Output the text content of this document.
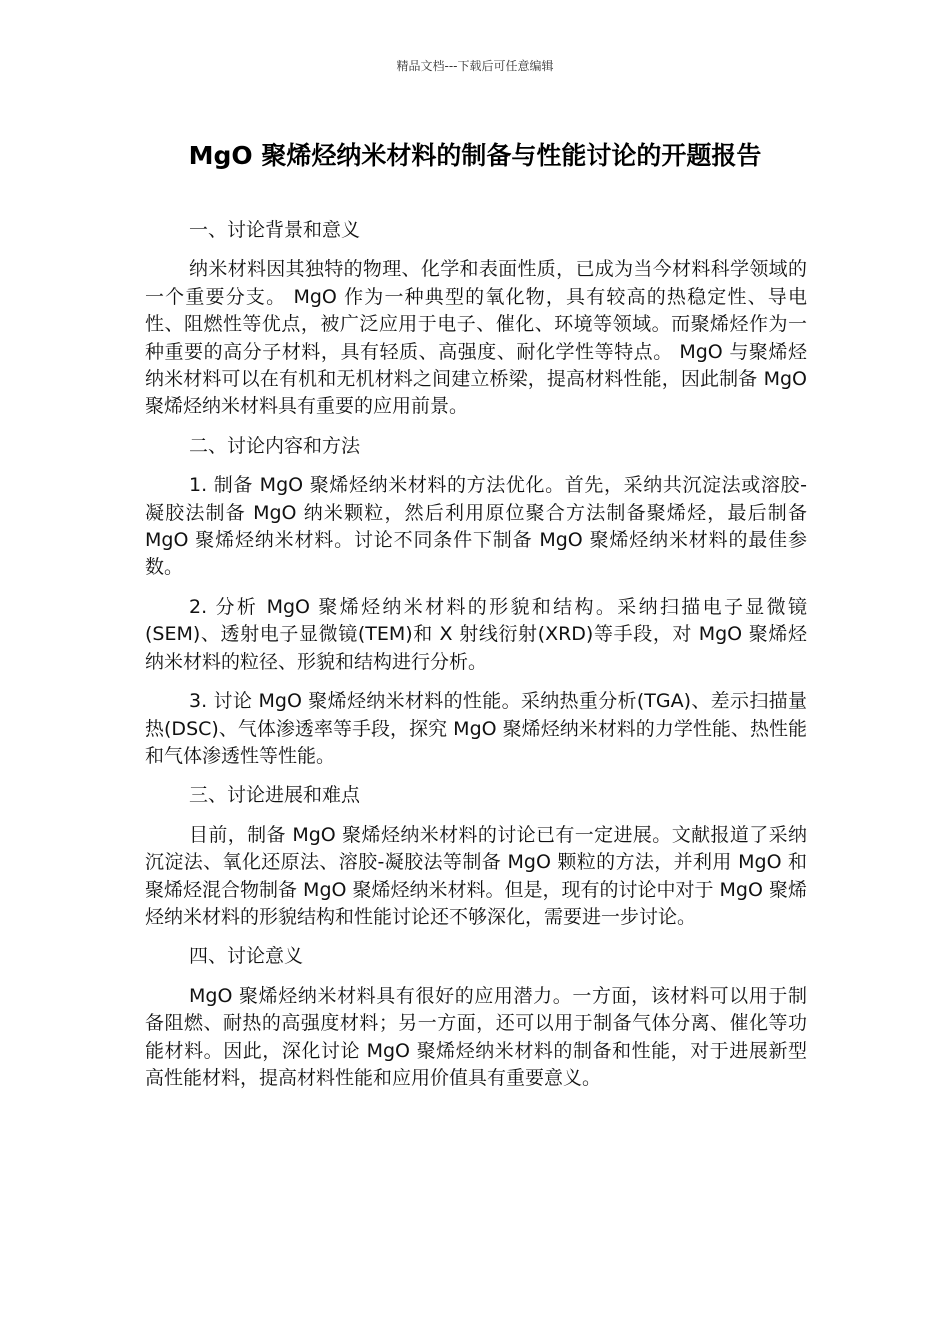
精品文档---下载后可任意编辑
MgO 聚烯烃纳米材料的制备与性能讨论的开题报告

一、讨论背景和意义

纳米材料因其独特的物理、化学和表面性质，已成为当今材料科学领域的一个重要分支。 MgO 作为一种典型的氧化物，具有较高的热稳定性、导电性、阻燃性等优点，被广泛应用于电子、催化、环境等领域。而聚烯烃作为一种重要的高分子材料，具有轻质、高强度、耐化学性等特点。 MgO 与聚烯烃纳米材料可以在有机和无机材料之间建立桥梁，提高材料性能，因此制备 MgO 聚烯烃纳米材料具有重要的应用前景。

二、讨论内容和方法

1. 制备 MgO 聚烯烃纳米材料的方法优化。首先，采纳共沉淀法或溶胶-凝胶法制备 MgO 纳米颗粒，然后利用原位聚合方法制备聚烯烃，最后制备 MgO 聚烯烃纳米材料。讨论不同条件下制备 MgO 聚烯烃纳米材料的最佳参数。

2. 分析 MgO 聚烯烃纳米材料的形貌和结构。采纳扫描电子显微镜(SEM)、透射电子显微镜(TEM)和 X 射线衍射(XRD)等手段，对 MgO 聚烯烃纳米材料的粒径、形貌和结构进行分析。

3. 讨论 MgO 聚烯烃纳米材料的性能。采纳热重分析(TGA)、差示扫描量热(DSC)、气体渗透率等手段，探究 MgO 聚烯烃纳米材料的力学性能、热性能和气体渗透性等性能。

三、讨论进展和难点

目前，制备 MgO 聚烯烃纳米材料的讨论已有一定进展。文献报道了采纳沉淀法、氧化还原法、溶胶-凝胶法等制备 MgO 颗粒的方法，并利用 MgO 和聚烯烃混合物制备 MgO 聚烯烃纳米材料。但是，现有的讨论中对于 MgO 聚烯烃纳米材料的形貌结构和性能讨论还不够深化，需要进一步讨论。

四、讨论意义

MgO 聚烯烃纳米材料具有很好的应用潜力。一方面，该材料可以用于制备阻燃、耐热的高强度材料；另一方面，还可以用于制备气体分离、催化等功能材料。因此，深化讨论 MgO 聚烯烃纳米材料的制备和性能，对于进展新型高性能材料，提高材料性能和应用价值具有重要意义。
